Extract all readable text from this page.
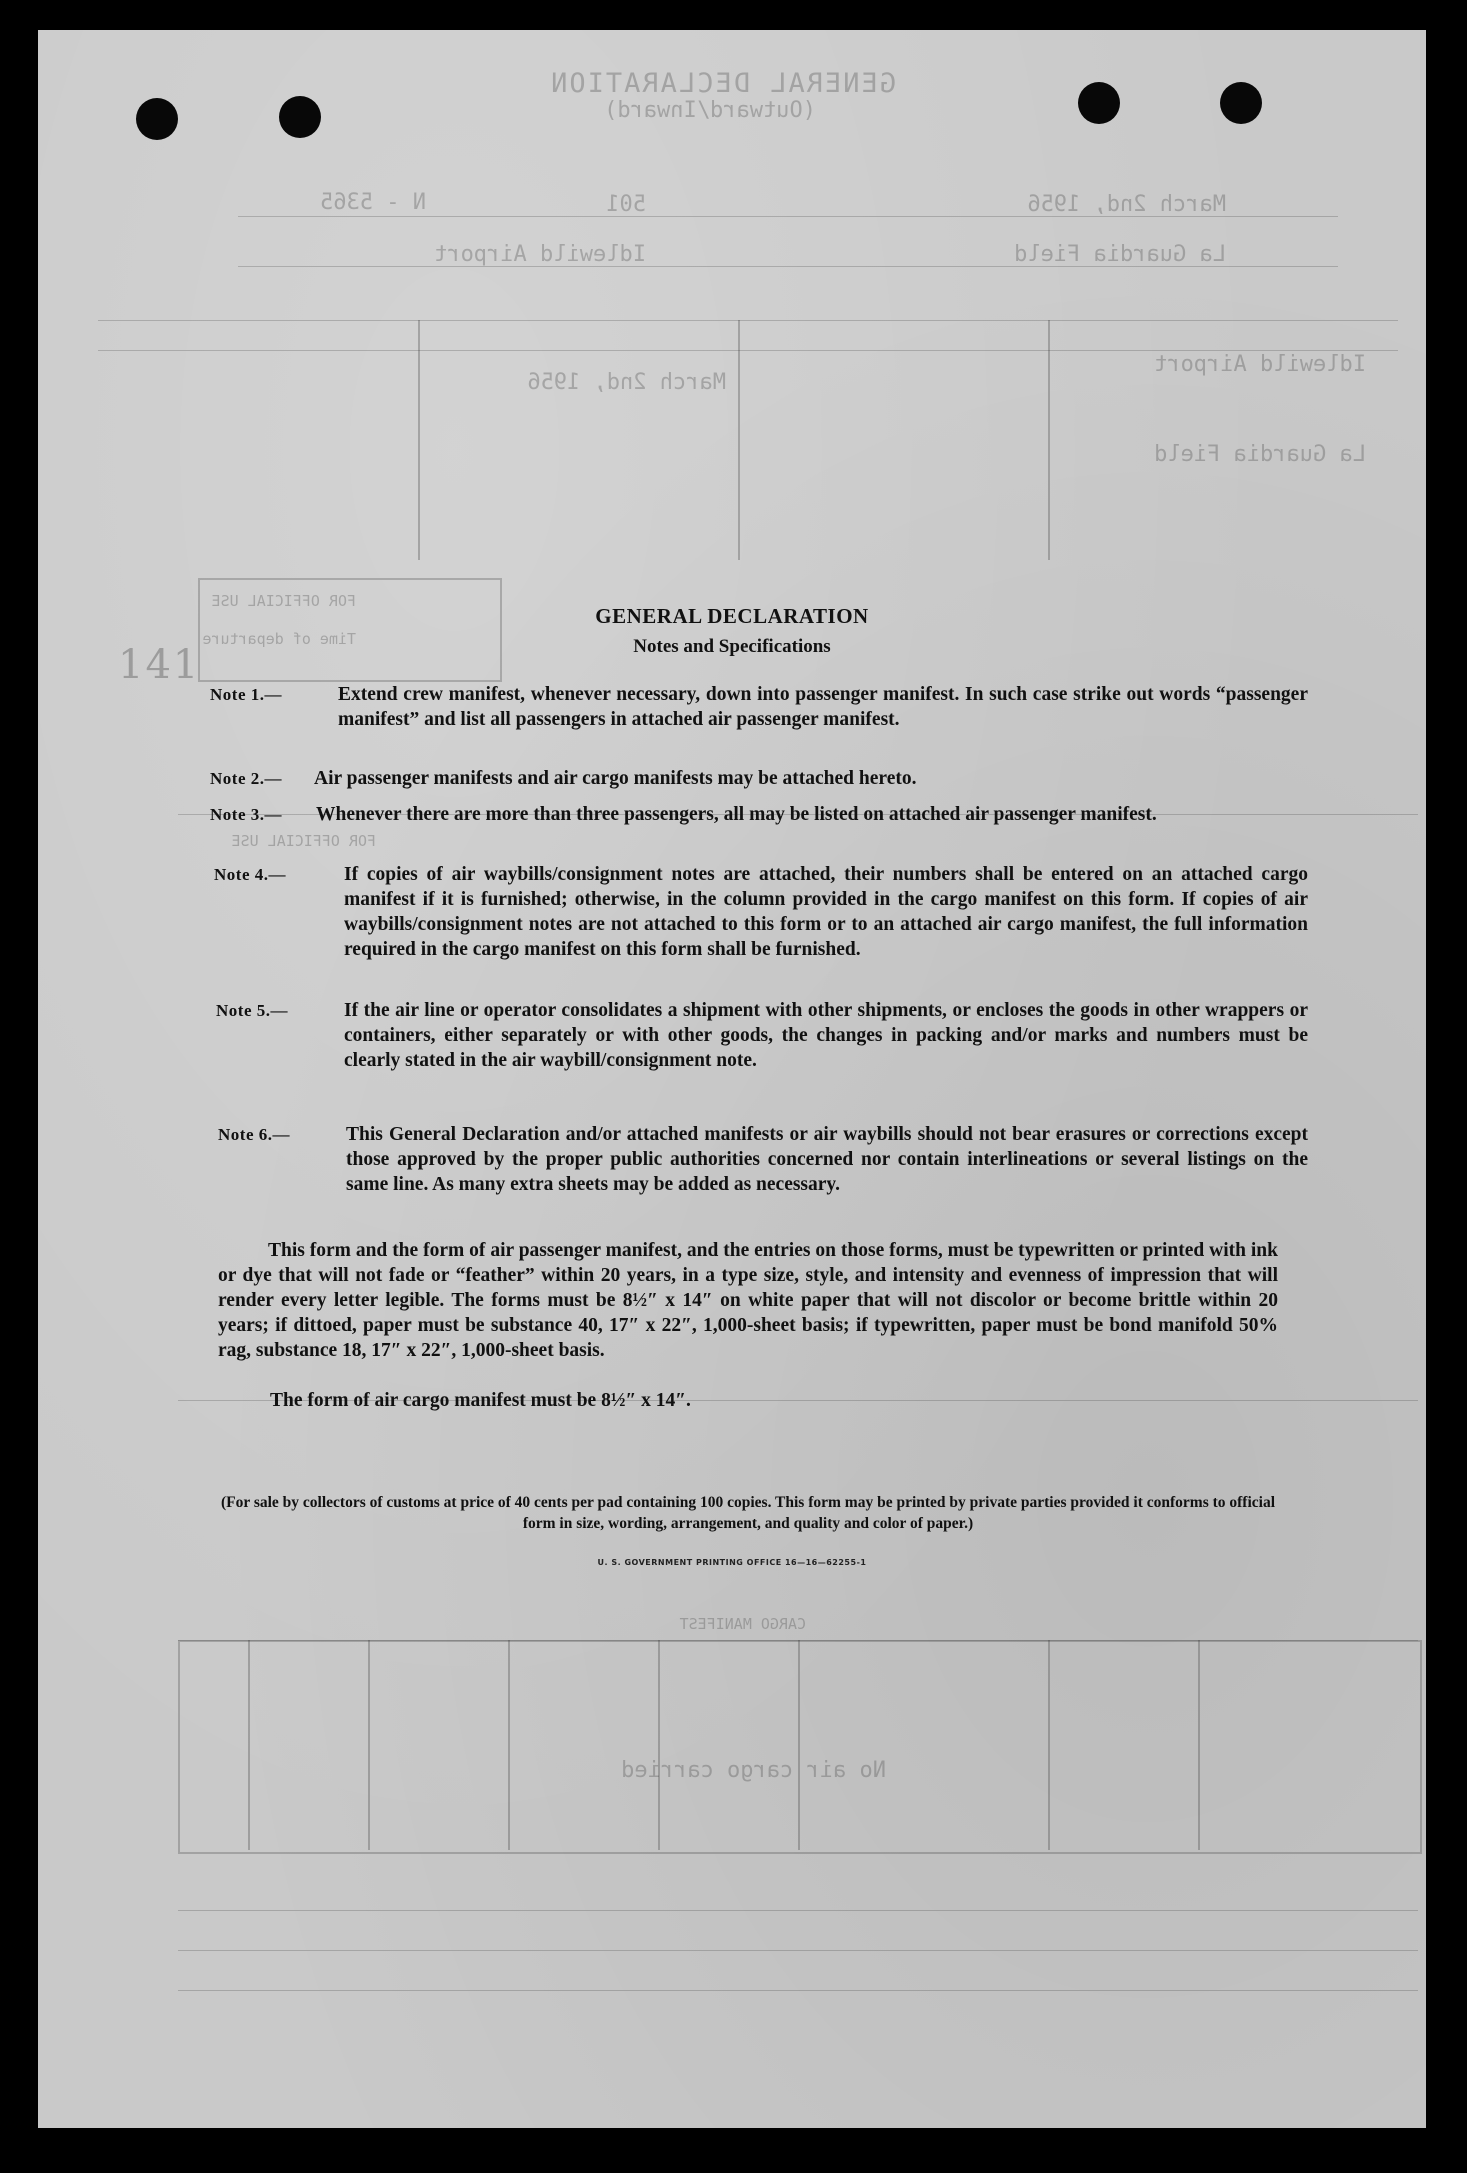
GENERAL DECLARATION
(Outward/Inward)
N - 5365	501	March 2nd, 1956
Idlewild Airport	La Guardia Field
March 2nd, 1956
Idlewild Airport
La Guardia Field
FOR OFFICIAL USE
Time of departure
FOR OFFICIAL USE
CARGO MANIFEST
No air cargo carried
141
GENERAL DECLARATION
Notes and Specifications
Note 1.—	Extend crew manifest, whenever necessary, down into passenger manifest. In such case strike out words “passenger manifest” and list all passengers in attached air passenger manifest.
Note 2.—	Air passenger manifests and air cargo manifests may be attached hereto.
Note 3.—	Whenever there are more than three passengers, all may be listed on attached air passenger manifest.
Note 4.—	If copies of air waybills/consignment notes are attached, their numbers shall be entered on an attached cargo manifest if it is furnished; otherwise, in the column provided in the cargo manifest on this form. If copies of air waybills/consignment notes are not attached to this form or to an attached air cargo manifest, the full information required in the cargo manifest on this form shall be furnished.
Note 5.—	If the air line or operator consolidates a shipment with other shipments, or encloses the goods in other wrappers or containers, either separately or with other goods, the changes in packing and/or marks and numbers must be clearly stated in the air waybill/consignment note.
Note 6.—	This General Declaration and/or attached manifests or air waybills should not bear erasures or corrections except those approved by the proper public authorities concerned nor contain interlineations or several listings on the same line. As many extra sheets may be added as necessary.
This form and the form of air passenger manifest, and the entries on those forms, must be typewritten or printed with ink or dye that will not fade or “feather” within 20 years, in a type size, style, and intensity and evenness of impression that will render every letter legible. The forms must be 8½″ x 14″ on white paper that will not discolor or become brittle within 20 years; if dittoed, paper must be substance 40, 17″ x 22″, 1,000-sheet basis; if typewritten, paper must be bond manifold 50% rag, substance 18, 17″ x 22″, 1,000-sheet basis.
The form of air cargo manifest must be 8½″ x 14″.
(For sale by collectors of customs at price of 40 cents per pad containing 100 copies. This form may be printed by private parties provided it conforms to official form in size, wording, arrangement, and quality and color of paper.)
U. S. GOVERNMENT PRINTING OFFICE 16—16—62255-1
